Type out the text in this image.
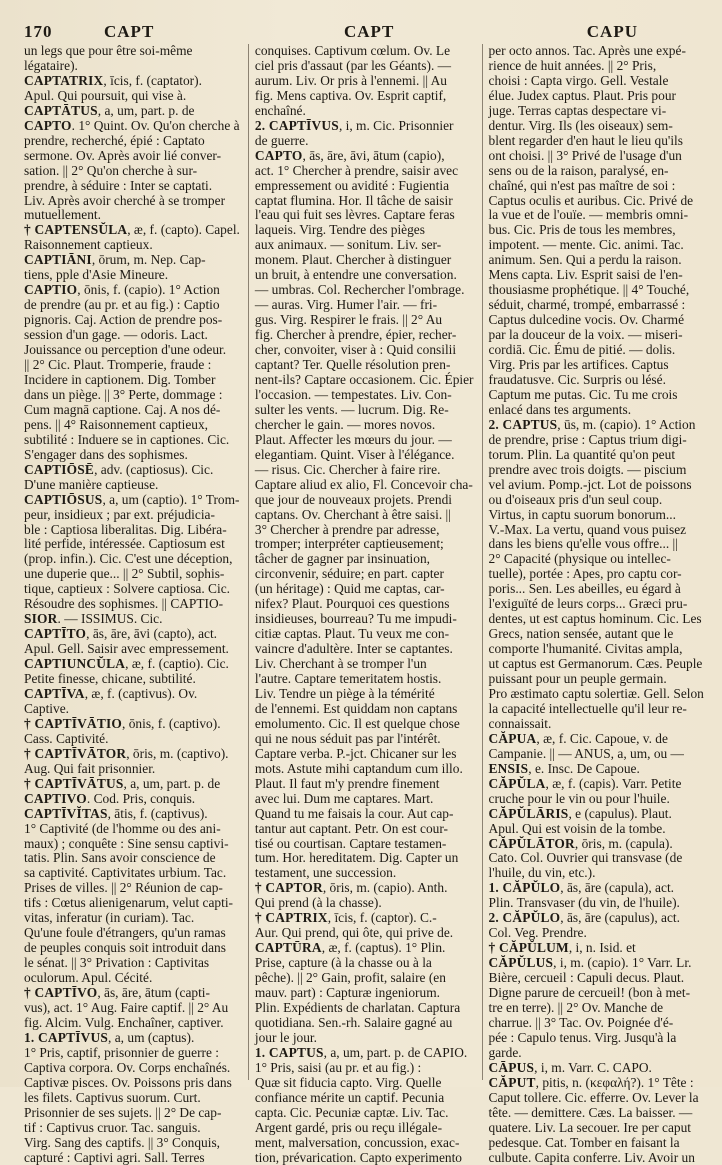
170	CAPT	CAPT	CAPU
un legs que pour être soi-même
légataire).
CAPTATRIX, īcis, f. (captator).
Apul. Qui poursuit, qui vise à.
CAPTĀTUS, a, um, part. p. de
CAPTO. 1° Quint. Ov. Qu'on cherche à
prendre, recherché, épié : Captato
sermone. Ov. Après avoir lié conver-
sation. || 2° Qu'on cherche à sur-
prendre, à séduire : Inter se captati.
Liv. Après avoir cherché à se tromper
mutuellement.
† CAPTENSŬLA, æ, f. (capto). Capel.
Raisonnement captieux.
CAPTIĀNI, ōrum, m. Nep. Cap-
tiens, pple d'Asie Mineure.
CAPTIO, ōnis, f. (capio). 1° Action
de prendre (au pr. et au fig.) : Captio
pignoris. Caj. Action de prendre pos-
session d'un gage. — odoris. Lact.
Jouissance ou perception d'une odeur.
|| 2° Cic. Plaut. Tromperie, fraude :
Incidere in captionem. Dig. Tomber
dans un piège. || 3° Perte, dommage :
Cum magnā captione. Caj. A nos dé-
pens. || 4° Raisonnement captieux,
subtilité : Induere se in captiones. Cic.
S'engager dans des sophismes.
CAPTIŌSĒ, adv. (captiosus). Cic.
D'une manière captieuse.
CAPTIŌSUS, a, um (captio). 1° Trom-
peur, insidieux ; par ext. préjudicia-
ble : Captiosa liberalitas. Dig. Libéra-
lité perfide, intéressée. Captiosum est
(prop. infin.). Cic. C'est une déception,
une duperie que... || 2° Subtil, sophis-
tique, captieux : Solvere captiosa. Cic.
Résoudre des sophismes. || CAPTIO-
SIOR. — ISSIMUS. Cic.
CAPTĪTO, ās, āre, āvi (capto), act.
Apul. Gell. Saisir avec empressement.
CAPTIUNCŬLA, æ, f. (captio). Cic.
Petite finesse, chicane, subtilité.
CAPTĪVA, æ, f. (captivus). Ov.
Captive.
† CAPTĪVĀTIO, ōnis, f. (captivo).
Cass. Captivité.
† CAPTĪVĀTOR, ōris, m. (captivo).
Aug. Qui fait prisonnier.
† CAPTĪVĀTUS, a, um, part. p. de
CAPTIVO. Cod. Pris, conquis.
CAPTĪVĬTAS, ātis, f. (captivus).
1° Captivité (de l'homme ou des ani-
maux) ; conquête : Sine sensu captivi-
tatis. Plin. Sans avoir conscience de
sa captivité. Captivitates urbium. Tac.
Prises de villes. || 2° Réunion de cap-
tifs : Cœtus alienigenarum, velut capti-
vitas, inferatur (in curiam). Tac.
Qu'une foule d'étrangers, qu'un ramas
de peuples conquis soit introduit dans
le sénat. || 3° Privation : Captivitas
oculorum. Apul. Cécité.
† CAPTĪVO, ās, āre, ātum (capti-
vus), act. 1° Aug. Faire captif. || 2° Au
fig. Alcim. Vulg. Enchaîner, captiver.
1. CAPTĪVUS, a, um (captus).
1° Pris, captif, prisonnier de guerre :
Captiva corpora. Ov. Corps enchaînés.
Captivæ pisces. Ov. Poissons pris dans
les filets. Captivus suorum. Curt.
Prisonnier de ses sujets. || 2° De cap-
tif : Captivus cruor. Tac. sanguis.
Virg. Sang des captifs. || 3° Conquis,
capturé : Captivi agri. Sall. Terres
conquises. Captivum cœlum. Ov. Le
ciel pris d'assaut (par les Géants). —
aurum. Liv. Or pris à l'ennemi. || Au
fig. Mens captiva. Ov. Esprit captif,
enchaîné.
2. CAPTĪVUS, i, m. Cic. Prisonnier
de guerre.
CAPTO, ās, āre, āvi, ātum (capio),
act. 1° Chercher à prendre, saisir avec
empressement ou avidité : Fugientia
captat flumina. Hor. Il tâche de saisir
l'eau qui fuit ses lèvres. Captare feras
laqueis. Virg. Tendre des pièges
aux animaux. — sonitum. Liv. ser-
monem. Plaut. Chercher à distinguer
un bruit, à entendre une conversation.
— umbras. Col. Rechercher l'ombrage.
— auras. Virg. Humer l'air. — fri-
gus. Virg. Respirer le frais. || 2° Au
fig. Chercher à prendre, épier, recher-
cher, convoiter, viser à : Quid consilii
captant? Ter. Quelle résolution pren-
nent-ils? Captare occasionem. Cic. Épier
l'occasion. — tempestates. Liv. Con-
sulter les vents. — lucrum. Dig. Re-
chercher le gain. — mores novos.
Plaut. Affecter les mœurs du jour. —
elegantiam. Quint. Viser à l'élégance.
— risus. Cic. Chercher à faire rire.
Captare aliud ex alio, Fl. Concevoir cha-
que jour de nouveaux projets. Prendi
captans. Ov. Cherchant à être saisi. ||
3° Chercher à prendre par adresse,
tromper; interpréter captieusement;
tâcher de gagner par insinuation,
circonvenir, séduire; en part. capter
(un héritage) : Quid me captas, car-
nifex? Plaut. Pourquoi ces questions
insidieuses, bourreau? Tu me impudi-
citiæ captas. Plaut. Tu veux me con-
vaincre d'adultère. Inter se captantes.
Liv. Cherchant à se tromper l'un
l'autre. Captare temeritatem hostis.
Liv. Tendre un piège à la témérité
de l'ennemi. Est quiddam non captans
emolumento. Cic. Il est quelque chose
qui ne nous séduit pas par l'intérêt.
Captare verba. P.-jct. Chicaner sur les
mots. Astute mihi captandum cum illo.
Plaut. Il faut m'y prendre finement
avec lui. Dum me captares. Mart.
Quand tu me faisais la cour. Aut cap-
tantur aut captant. Petr. On est cour-
tisé ou courtisan. Captare testamen-
tum. Hor. hereditatem. Dig. Capter un
testament, une succession.
† CAPTOR, ōris, m. (capio). Anth.
Qui prend (à la chasse).
† CAPTRIX, īcis, f. (captor). C.-
Aur. Qui prend, qui ôte, qui prive de.
CAPTŪRA, æ, f. (captus). 1° Plin.
Prise, capture (à la chasse ou à la
pêche). || 2° Gain, profit, salaire (en
mauv. part) : Capturæ ingeniorum.
Plin. Expédients de charlatan. Captura
quotidiana. Sen.-rh. Salaire gagné au
jour le jour.
1. CAPTUS, a, um, part. p. de CAPIO.
1° Pris, saisi (au pr. et au fig.) :
Quæ sit fiducia capto. Virg. Quelle
confiance mérite un captif. Pecunia
capta. Cic. Pecuniæ captæ. Liv. Tac.
Argent gardé, pris ou reçu illégale-
ment, malversation, concussion, exac-
tion, prévarication. Capto experimento
per octo annos. Tac. Après une expé-
rience de huit années. || 2° Pris,
choisi : Capta virgo. Gell. Vestale
élue. Judex captus. Plaut. Pris pour
juge. Terras captas despectare vi-
dentur. Virg. Ils (les oiseaux) sem-
blent regarder d'en haut le lieu qu'ils
ont choisi. || 3° Privé de l'usage d'un
sens ou de la raison, paralysé, en-
chaîné, qui n'est pas maître de soi :
Captus oculis et auribus. Cic. Privé de
la vue et de l'ouïe. — membris omni-
bus. Cic. Pris de tous les membres,
impotent. — mente. Cic. animi. Tac.
animum. Sen. Qui a perdu la raison.
Mens capta. Liv. Esprit saisi de l'en-
thousiasme prophétique. || 4° Touché,
séduit, charmé, trompé, embarrassé :
Captus dulcedine vocis. Ov. Charmé
par la douceur de la voix. — miseri-
cordiā. Cic. Ému de pitié. — dolis.
Virg. Pris par les artifices. Captus
fraudatusve. Cic. Surpris ou lésé.
Captum me putas. Cic. Tu me crois
enlacé dans tes arguments.
2. CAPTUS, ūs, m. (capio). 1° Action
de prendre, prise : Captus trium digi-
torum. Plin. La quantité qu'on peut
prendre avec trois doigts. — piscium
vel avium. Pomp.-jct. Lot de poissons
ou d'oiseaux pris d'un seul coup.
Virtus, in captu suorum bonorum...
V.-Max. La vertu, quand vous puisez
dans les biens qu'elle vous offre... ||
2° Capacité (physique ou intellec-
tuelle), portée : Apes, pro captu cor-
poris... Sen. Les abeilles, eu égard à
l'exiguïté de leurs corps... Græci pru-
dentes, ut est captus hominum. Cic. Les
Grecs, nation sensée, autant que le
comporte l'humanité. Civitas ampla,
ut captus est Germanorum. Cæs. Peuple
puissant pour un peuple germain.
Pro æstimato captu solertiæ. Gell. Selon
la capacité intellectuelle qu'il leur re-
connaissait.
CĂPUA, æ, f. Cic. Capoue, v. de
Campanie. || — ANUS, a, um, ou —
ENSIS, e. Insc. De Capoue.
CĂPŬLA, æ, f. (capis). Varr. Petite
cruche pour le vin ou pour l'huile.
CĂPŬLĀRIS, e (capulus). Plaut.
Apul. Qui est voisin de la tombe.
CĂPŬLĀTOR, ōris, m. (capula).
Cato. Col. Ouvrier qui transvase (de
l'huile, du vin, etc.).
1. CĂPŬLO, ās, āre (capula), act.
Plin. Transvaser (du vin, de l'huile).
2. CĂPŬLO, ās, āre (capulus), act.
Col. Veg. Prendre.
† CĂPŬLUM, i, n. Isid. et
CĂPŬLUS, i, m. (capio). 1° Varr. Lr.
Bière, cercueil : Capuli decus. Plaut.
Digne parure de cercueil! (bon à met-
tre en terre). || 2° Ov. Manche de
charrue. || 3° Tac. Ov. Poignée d'é-
pée : Capulo tenus. Virg. Jusqu'à la
garde.
CĀPUS, i, m. Varr. C. CAPO.
CĂPUT, pitis, n. (κεφαλή?). 1° Tête :
Caput tollere. Cic. efferre. Ov. Lever la
tête. — demittere. Cæs. La baisser. —
quatere. Liv. La secouer. Ire per caput
pedesque. Cat. Tomber en faisant la
culbute. Capita conferre. Liv. Avoir un
